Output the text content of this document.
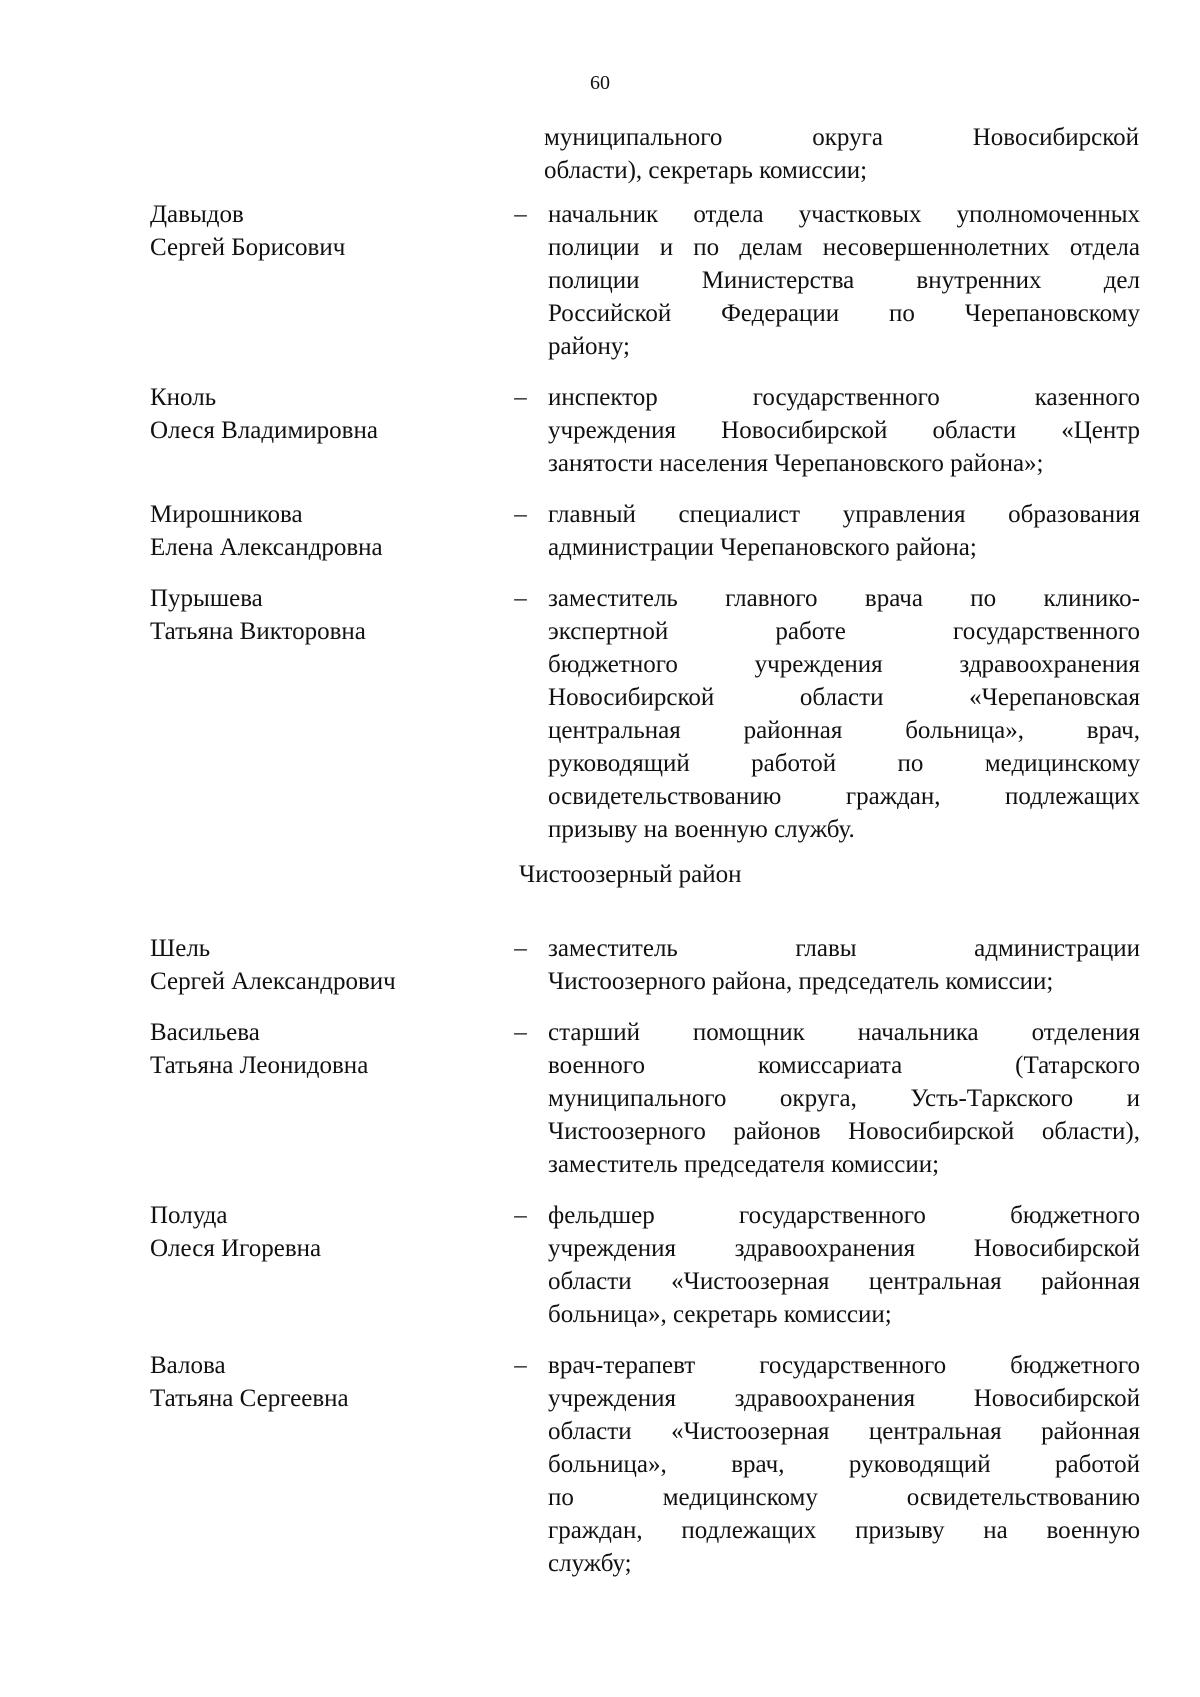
60
муниципального округа Новосибирской
области), секретарь комиссии;
Давыдов
Сергей Борисович
– начальник отдела участковых уполномоченных
полиции и по делам несовершеннолетних отдела
полиции Министерства внутренних дел
Российской Федерации по Черепановскому
району;
Кноль
Олеся Владимировна
– инспектор государственного казенного
учреждения Новосибирской области «Центр
занятости населения Черепановского района»;
Мирошникова
Елена Александровна
– главный специалист управления образования
администрации Черепановского района;
Пурышева
Татьяна Викторовна
– заместитель главного врача по клинико-
экспертной работе государственного
бюджетного учреждения здравоохранения
Новосибирской области «Черепановская
центральная районная больница», врач,
руководящий работой по медицинскому
освидетельствованию граждан, подлежащих
призыву на военную службу.
Чистоозерный район
Шель
Сергей Александрович
– заместитель главы администрации
Чистоозерного района, председатель комиссии;
Васильева
Татьяна Леонидовна
– старший помощник начальника отделения
военного комиссариата (Татарского
муниципального округа, Усть-Таркского и
Чистоозерного районов Новосибирской области),
заместитель председателя комиссии;
Полуда
Олеся Игоревна
– фельдшер государственного бюджетного
учреждения здравоохранения Новосибирской
области «Чистоозерная центральная районная
больница», секретарь комиссии;
Валова
Татьяна Сергеевна
– врач-терапевт государственного бюджетного
учреждения здравоохранения Новосибирской
области «Чистоозерная центральная районная
больница», врач, руководящий работой
по медицинскому освидетельствованию
граждан, подлежащих призыву на военную
службу;
